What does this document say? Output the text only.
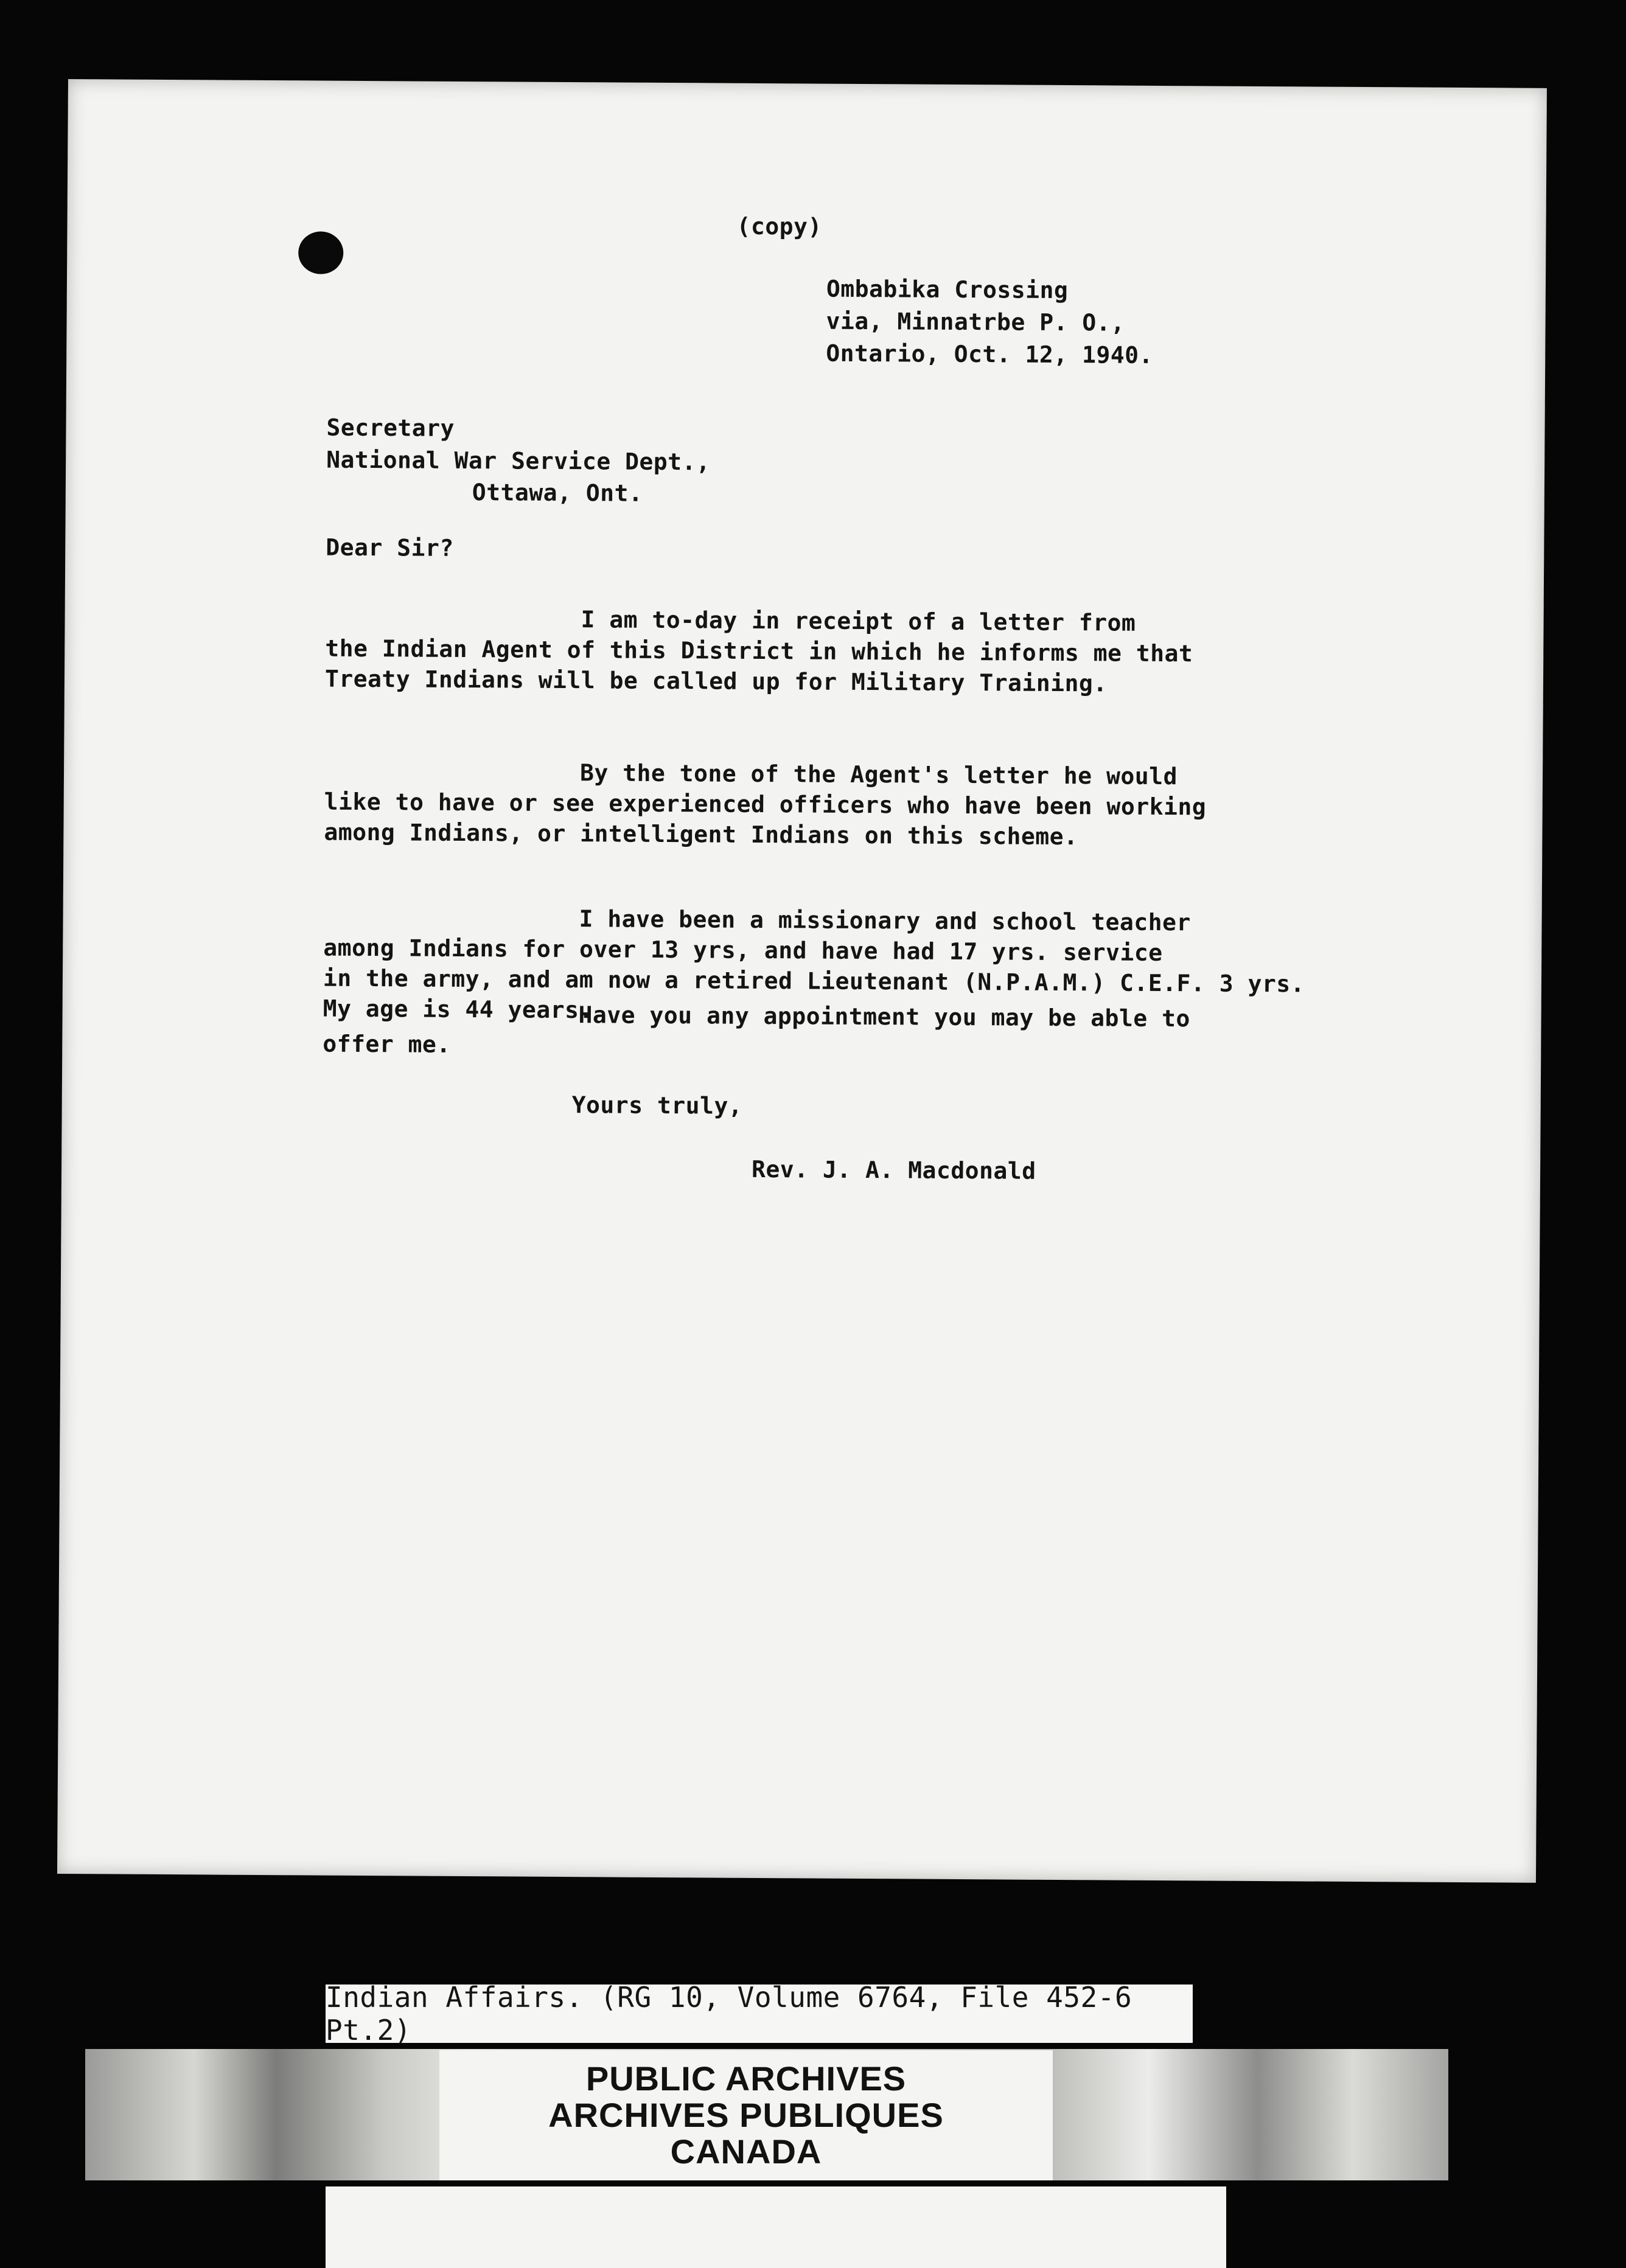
(copy)

Ombabika Crossing

via, Minnatrbe P. O.,

Ontario, Oct. 12, 1940.

Secretary

National War Service Dept.,

Ottawa, Ont.

Dear Sir?

I am to-day in receipt of a letter from

the Indian Agent of this District in which he informs me that

Treaty Indians will be called up for Military Training.

By the tone of the Agent's letter he would

like to have or see experienced officers who have been working

among Indians, or intelligent Indians on this scheme.

I have been a missionary and school teacher

among Indians for over 13 yrs, and have had 17 yrs. service

in the army, and am now a retired Lieutenant (N.P.A.M.) C.E.F. 3 yrs.

My age is 44 years.

Have you any appointment you may be able to

offer me.

Yours truly,

Rev. J. A. Macdonald

Indian Affairs. (RG 10, Volume 6764, File 452-6 Pt.2)
PUBLIC ARCHIVES
ARCHIVES PUBLIQUES
CANADA
